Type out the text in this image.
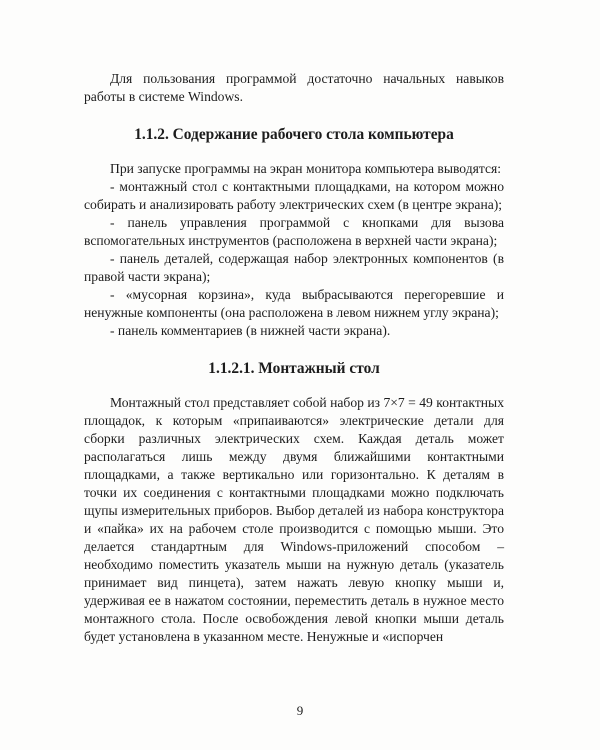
Для пользования программой достаточно начальных навыков работы в системе Windows.

1.1.2. Содержание рабочего стола компьютера

При запуске программы на экран монитора компьютера выводятся:

- монтажный стол с контактными площадками, на котором можно собирать и анализировать работу электрических схем (в центре экрана);

- панель управления программой с кнопками для вызова вспомогательных инструментов (расположена в верхней части экрана);

- панель деталей, содержащая набор электронных компонентов (в правой части экрана);

- «мусорная корзина», куда выбрасываются перегоревшие и ненужные компоненты (она расположена в левом нижнем углу экрана);

- панель комментариев (в нижней части экрана).

1.1.2.1. Монтажный стол

Монтажный стол представляет собой набор из 7×7 = 49 контактных площадок, к которым «припаиваются» электрические детали для сборки различных электрических схем. Каждая деталь может располагаться лишь между двумя ближайшими контактными площадками, а также вертикально или горизонтально. К деталям в точки их соединения с контактными площадками можно подключать щупы измерительных приборов. Выбор деталей из набора конструктора и «пайка» их на рабочем столе производится с помощью мыши. Это делается стандартным для Windows-приложений способом – необходимо поместить указатель мыши на нужную деталь (указатель принимает вид пинцета), затем нажать левую кнопку мыши и, удерживая ее в нажатом состоянии, переместить деталь в нужное место монтажного стола. После освобождения левой кнопки мыши деталь будет установлена в указанном месте. Ненужные и «испорчен

9
